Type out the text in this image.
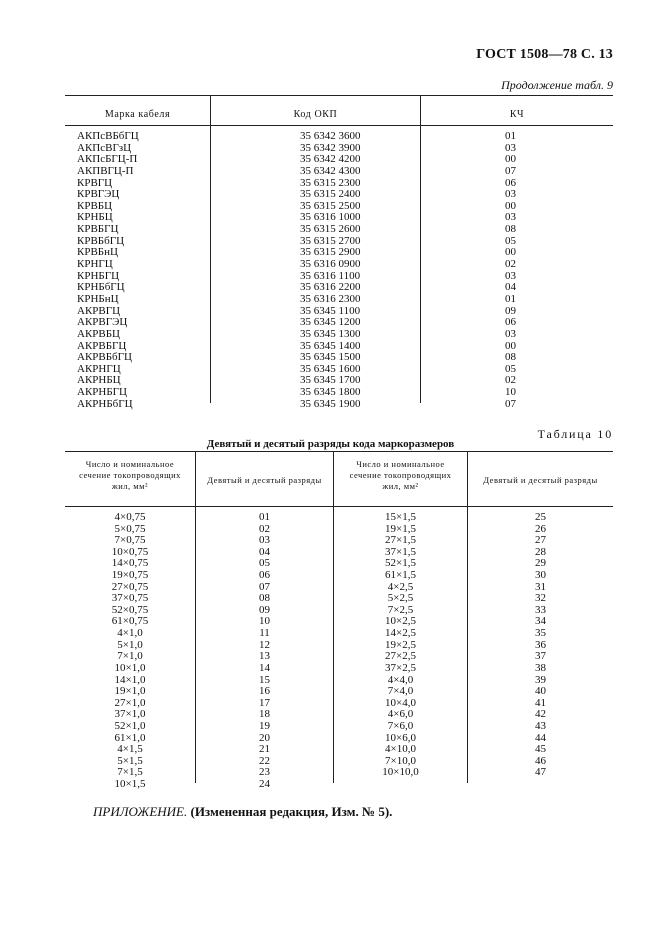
ГОСТ 1508—78 С. 13
Продолжение табл. 9
Марка кабеля	Код ОКП	КЧ
АКПсВБбГЦ	35 6342 3600	01
АКПсВГзЦ	35 6342 3900	03
АКПсБГЦ-П	35 6342 4200	00
АКПВГЦ-П	35 6342 4300	07
КРВГЦ	35 6315 2300	06
КРВГЭЦ	35 6315 2400	03
КРВБЦ	35 6315 2500	00
КРНБЦ	35 6316 1000	03
КРВБГЦ	35 6315 2600	08
КРВБбГЦ	35 6315 2700	05
КРВБнЦ	35 6315 2900	00
КРНГЦ	35 6316 0900	02
КРНБГЦ	35 6316 1100	03
КРНБбГЦ	35 6316 2200	04
КРНБнЦ	35 6316 2300	01
АКРВГЦ	35 6345 1100	09
АКРВГЭЦ	35 6345 1200	06
АКРВБЦ	35 6345 1300	03
АКРВБГЦ	35 6345 1400	00
АКРВБбГЦ	35 6345 1500	08
АКРНГЦ	35 6345 1600	05
АКРНБЦ	35 6345 1700	02
АКРНБГЦ	35 6345 1800	10
АКРНБбГЦ	35 6345 1900	07
Таблица 10
Девятый и десятый разряды кода маркоразмеров
Число и номинальное
сечение токопроводящих
жил, мм²
Девятый и десятый разряды
Число и номинальное
сечение токопроводящих
жил, мм²
Девятый и десятый разряды
4×0,75	01	15×1,5	25
5×0,75	02	19×1,5	26
7×0,75	03	27×1,5	27
10×0,75	04	37×1,5	28
14×0,75	05	52×1,5	29
19×0,75	06	61×1,5	30
27×0,75	07	4×2,5	31
37×0,75	08	5×2,5	32
52×0,75	09	7×2,5	33
61×0,75	10	10×2,5	34
4×1,0	11	14×2,5	35
5×1,0	12	19×2,5	36
7×1,0	13	27×2,5	37
10×1,0	14	37×2,5	38
14×1,0	15	4×4,0	39
19×1,0	16	7×4,0	40
27×1,0	17	10×4,0	41
37×1,0	18	4×6,0	42
52×1,0	19	7×6,0	43
61×1,0	20	10×6,0	44
4×1,5	21	4×10,0	45
5×1,5	22	7×10,0	46
7×1,5	23	10×10,0	47
10×1,5	24
ПРИЛОЖЕНИЕ. (Измененная редакция, Изм. № 5).
